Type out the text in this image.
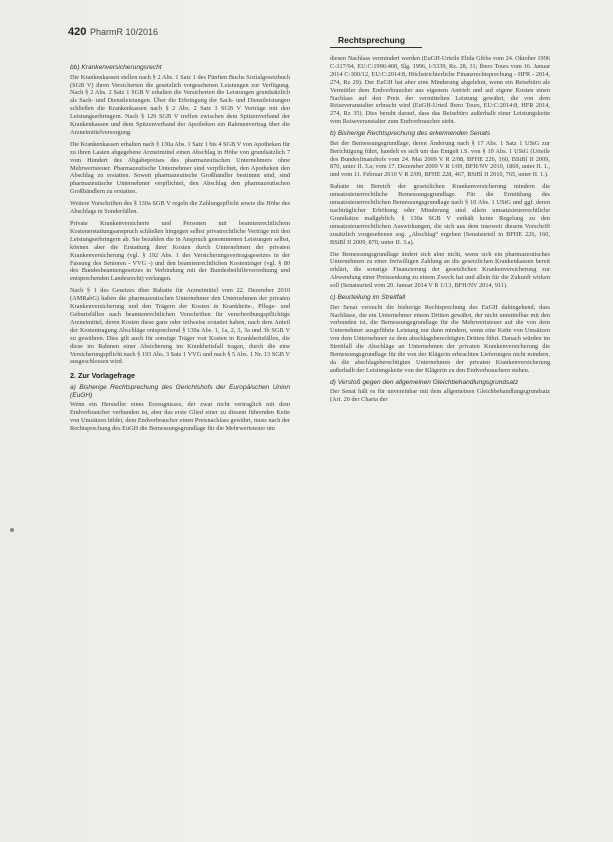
420 PharmR 10/2016
Rechtsprechung
bb) Krankenversicherungsrecht

Die Krankenkassen stellen nach § 2 Abs. 1 Satz 1 des Fünften Buchs Sozialgesetzbuch (SGB V) ihren Versicherten die gesetzlich vorgesehenen Leistungen zur Verfügung. Nach § 2 Abs. 2 Satz 1 SGB V erhalten die Versicherten die Leistungen grundsätzlich als Sach- und Dienstleistungen. Über die Erbringung der Sach- und Dienstleistungen schließen die Krankenkassen nach § 2 Abs. 2 Satz 3 SGB V Verträge mit den Leistungserbringern. Nach § 129 SGB V treffen zwischen dem Spitzenverband der Krankenkassen und dem Spitzenverband der Apotheken ein Rahmenvertrag über die Arzneimittelversorgung.

Die Krankenkassen erhalten nach § 130a Abs. 1 Satz 1 bis 4 SGB V von Apotheken für zu ihren Lasten abgegebene Arzneimittel einen Abschlag in Höhe von grundsätzlich 7 vom Hundert des Abgabepreises des pharmazeutischen Unternehmers ohne Mehrwertsteuer. Pharmazeutische Unternehmer sind verpflichtet, den Apotheken den Abschlag zu erstatten. Soweit pharmazeutische Großhändler bestimmt sind, sind pharmazeutische Unternehmer verpflichtet, den Abschlag den pharmazeutischen Großhändlern zu erstatten.

Weitere Vorschriften des § 130a SGB V regeln die Zahlungspflicht sowie die Höhe des Abschlags in Sonderfällen.

Private Krankenversicherte und Personen mit beamtenrechtlichem Kostenerstattungsanspruch schließen hingegen selbst privatrechtliche Verträge mit den Leistungserbringern ab. Sie bezahlen die in Anspruch genommenen Leistungen selbst, können aber die Erstattung ihrer Kosten durch Unternehmen der privaten Krankenversicherung (vgl. § 192 Abs. 1 des Versicherungsvertragsgesetzes in der Fassung des Senioren - VVG -) und den beamtenrechtlichen Kostenträger (vgl. § 80 des Bundesbeamtengesetzes in Verbindung mit der Bundesbeihilfeverordnung und entsprechenden Landesrecht) verlangen.

Nach § 1 des Gesetzes über Rabatte für Arzneimittel vom 22. Dezember 2010 (AMRabG) haben die pharmazeutischen Unternehmer den Unternehmen der privaten Krankenversicherung und den Trägern der Kosten in Krankheits-, Pflege- und Geburtsfällen nach beamtenrechtlichen Vorschriften für verschreibungspflichtige Arzneimittel, deren Kosten diese ganz oder teilweise erstattet haben, nach dem Anteil der Kostentragung Abschläge entsprechend § 130a Abs. 1, 1a, 2, 3, 3a und 3b SGB V zu gewähren. Dies gilt auch für sonstige Träger von Kosten in Krankheitsfällen, die diese im Rahmen einer Absicherung im Krankheitsfall tragen, durch die eine Versicherungspflicht nach § 193 Abs. 3 Satz 1 VVG und nach § 5 Abs. 1 Nr. 13 SGB V ausgeschlossen wird.

2. Zur Vorlagefrage
a) Bisherige Rechtsprechung des Gerichtshofs der Europäischen Union (EuGH)

Wenn ein Hersteller eines Erzeugnisses, der zwar nicht vertraglich mit dem Endverbraucher verbunden ist, aber das erste Glied einer zu diesem führenden Kette von Umsätzen bildet, dem Endverbraucher einen Preisnachlass gewährt, muss nach der Rechtsprechung des EuGH die Bemessungsgrundlage für die Mehrwertsteuer um

diesen Nachlass vermindert werden (EuGH-Urteile Elida Gibbs vom 24. Oktober 1996 C-317/94, EU:C:1996:400, Slg. 1996, I-5339, Rz. 28, 31; Ibero Tours vom 16. Januar 2014 C-300/12, EU:C:2014:8, Höchstrichterliche Finanzrechtsprechung - HFR - 2014, 274, Rz 29). Der EuGH hat aber eine Minderung abgelehnt, wenn ein Reisebüro als Vermittler dem Endverbraucher aus eigenem Antrieb und auf eigene Kosten einen Nachlass auf den Preis der vermittelten Leistung gewährt, die von dem Reiseveranstalter erbracht wird (EuGH-Urteil Ibero Tours, EU:C:2014:8, HFR 2014, 274, Rz 35). Dies beruht darauf, dass das Reisebüro außerhalb einer Leistungskette vom Reiseveranstalter zum Endverbraucher steht.

b) Bisherige Rechtsprechung des erkennenden Senats

Bei der Bemessungsgrundlage, deren Änderung nach § 17 Abs. 1 Satz 1 UStG zur Berichtigung führt, handelt es sich um das Entgelt i.S. von § 10 Abs. 1 UStG (Urteile des Bundesfinanzhofs vom 24. Mai 2009 V R 2/08, BFHE 226, 160, BStBl II 2009, 870, unter II. 3.a; vom 17. Dezember 2009 V R 1/09, BFH/NV 2010, 1869, unter II. 1., und vom 11. Februar 2010 V R 2/09, BFHE 228, 467, BStBl II 2010, 765, unter II. 1.).

Rabatte im Bereich der gesetzlichen Krankenversicherung mindern die umsatzsteuerrechtliche Bemessungsgrundlage. Für die Ermittlung des umsatzsteuerrechtlichen Bemessungsgrundlage nach § 10 Abs. 1 UStG und ggf. deren nachträglicher Erhöhung oder Minderung sind allein umsatzsteuerrechtliche Grundsätze maßgeblich. § 130a SGB V enthält keine Regelung zu den umsatzsteuerrechtlichen Auswirkungen, die sich aus dem insoweit diesem Vorschrift zusätzlich vorgesehenen sog. „Abschlag“ ergeben (Senatsurteil in BFHE 226, 160, BStBl II 2009, 870, unter II. 3.a).

Die Bemessungsgrundlage ändert sich aber nicht, wenn sich ein pharmazeutisches Unternehmen zu einer freiwilligen Zahlung an die gesetzlichen Krankenkassen bereit erklärt, die sonstige Finanzierung der gesetzlichen Krankenversicherung zur Abwendung einer Preissenkung zu einem Zweck hat und allein für die Zukunft wirken soll (Senatsurteil vom 20. Januar 2014 V R 1/13, BFH/NV 2014, 911).

c) Beurteilung im Streitfall

Der Senat versucht die bisherige Rechtsprechung des EuGH dahingehend, dass Nachlässe, die ein Unternehmer einem Dritten gewährt, der nicht unmittelbar mit den verbunden ist, die Bemessungsgrundlage für die Mehrwertsteuer auf die von dem Unternehmer ausgeführte Leistung nur dann mindern, wenn eine Kette von Umsätzen von dem Unternehmer zu dem abschlagsberechtigten Dritten führt. Danach würden im Streitfall die Abschläge an Unternehmen der privaten Krankenversicherung die Bemessungsgrundlage für die von der Klägerin erbrachten Lieferungen nicht mindern, da die abschlagsberechtigten Unternehmen der privaten Krankenversicherung außerhalb der Leistungskette von der Klägerin zu den Endverbrauchern stehen.

d) Verstoß gegen den allgemeinen Gleichbehandlungsgrundsatz

Der Senat hält es für unvereinbar mit dem allgemeinen Gleichbehandlungsgrundsatz (Art. 20 der Charta der
